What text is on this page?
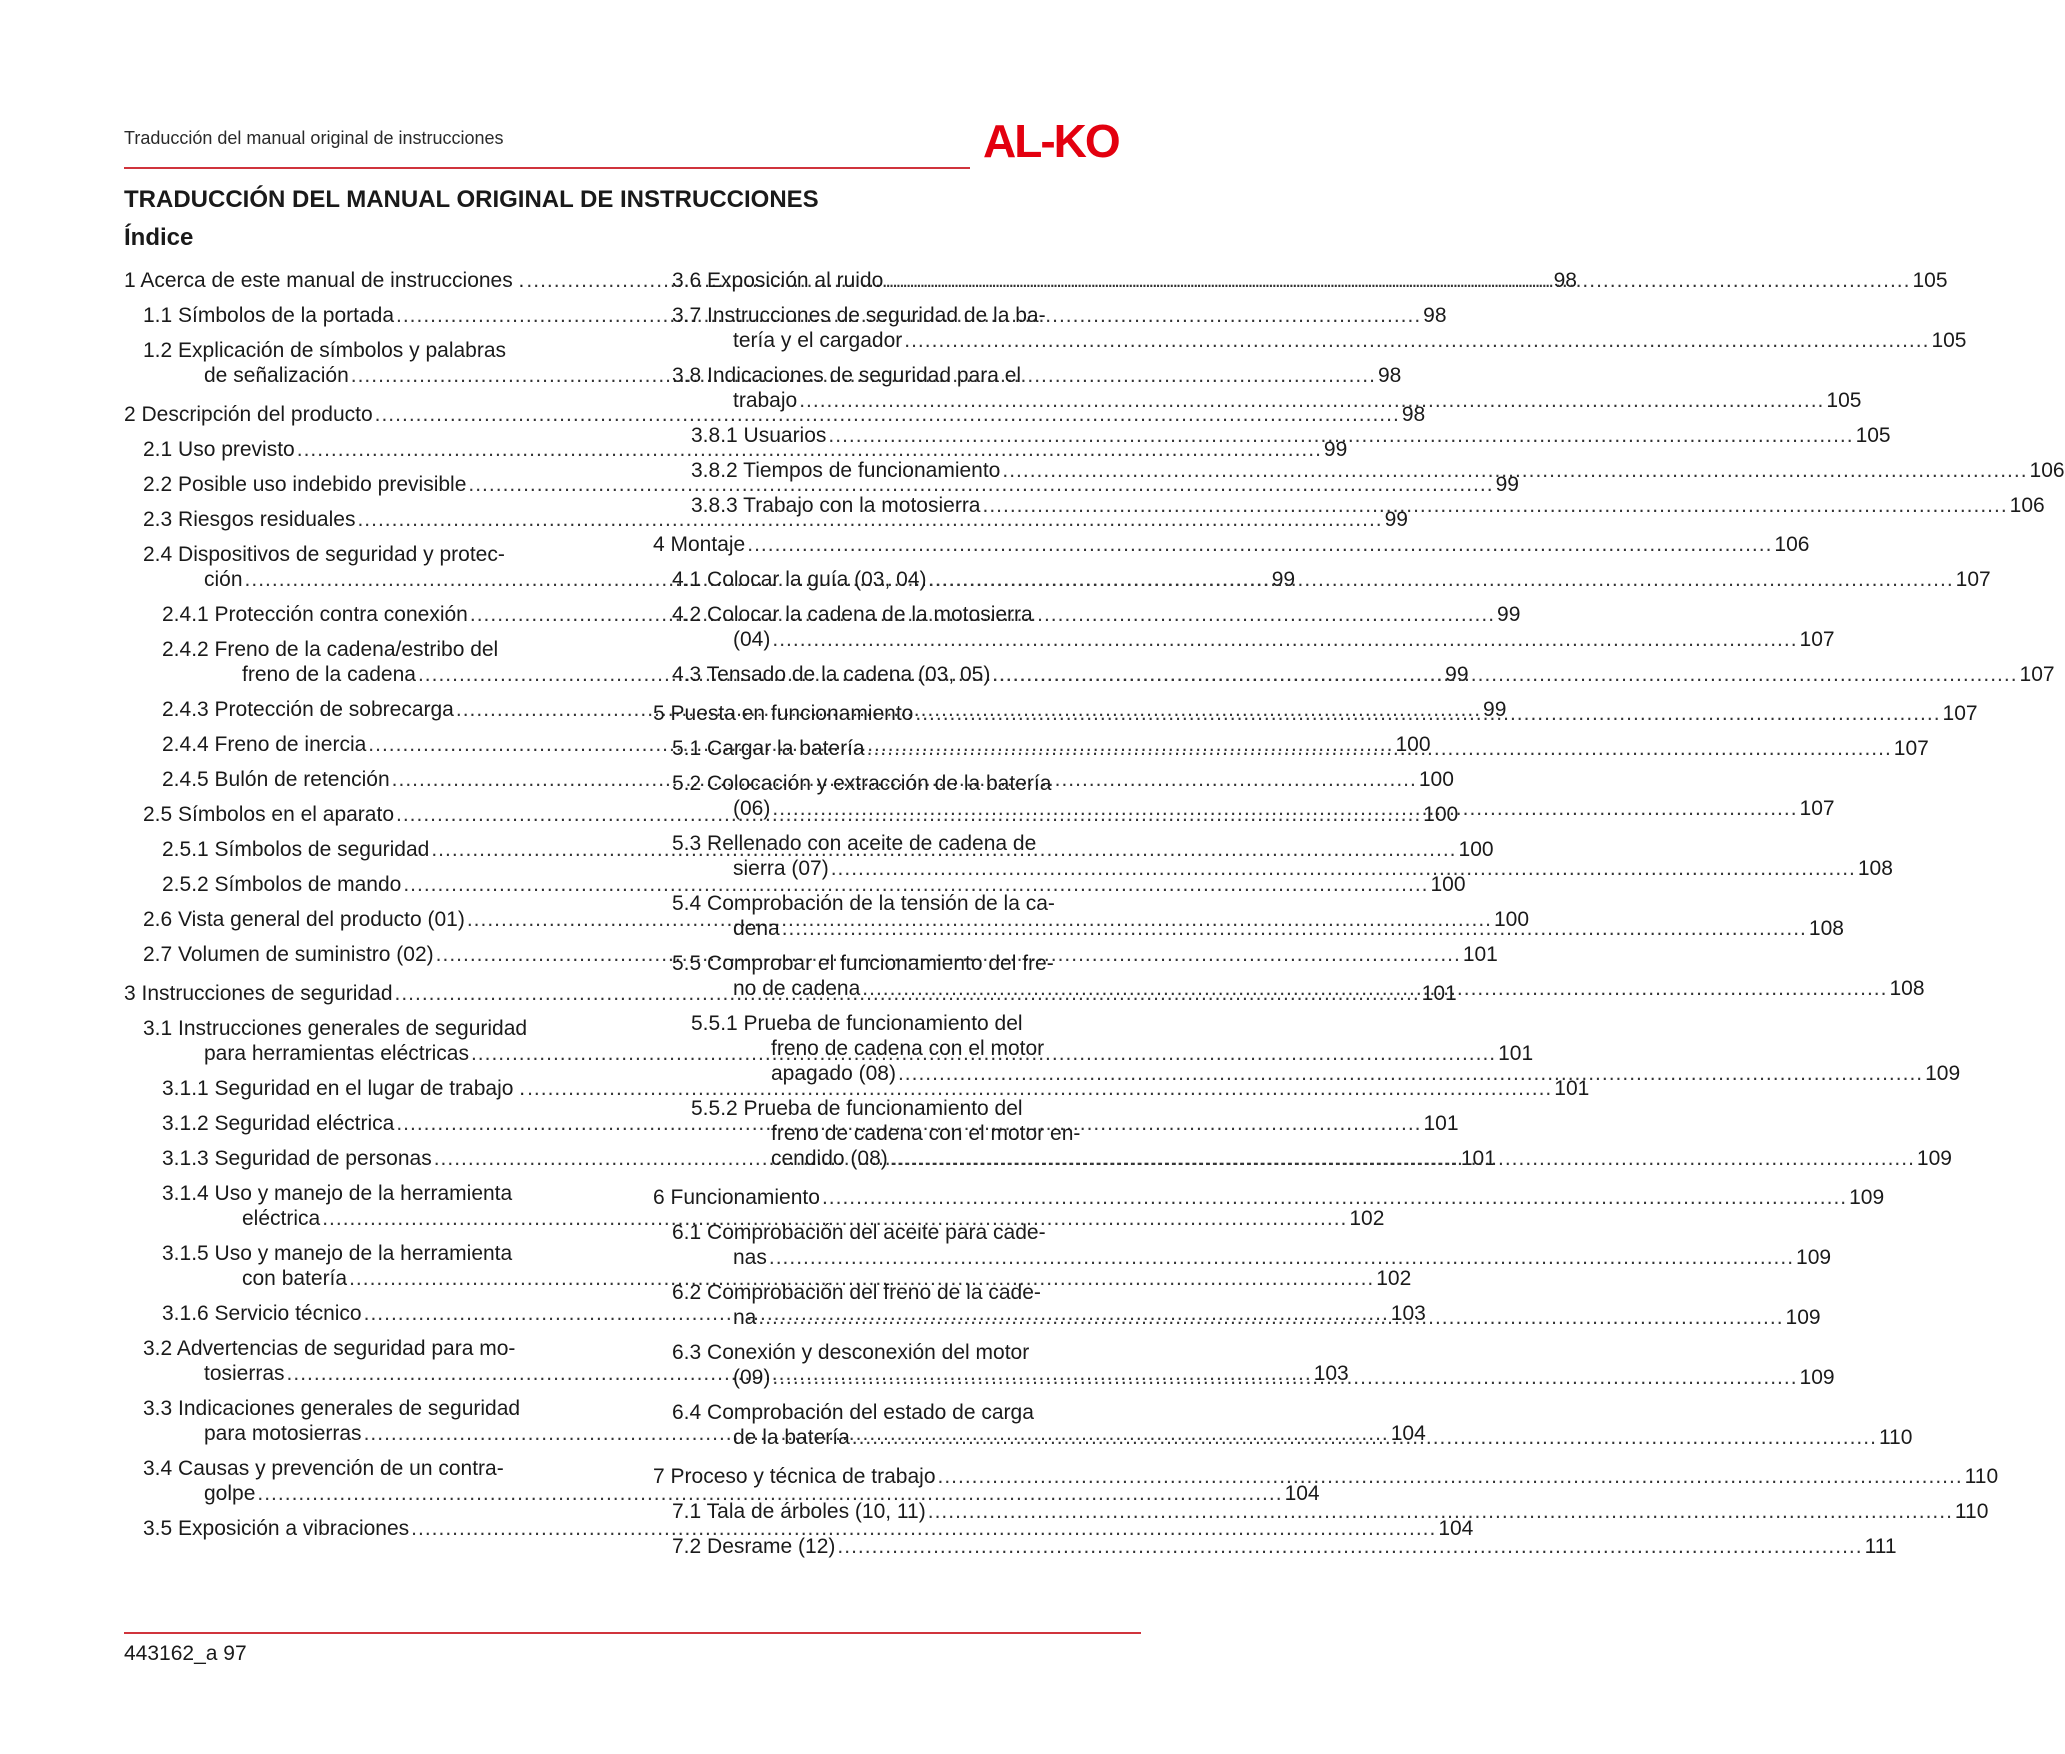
Traducción del manual original de instrucciones	AL-KO
TRADUCCIÓN DEL MANUAL ORIGINAL DE INSTRUCCIONES
Índice
1 Acerca de este manual de instrucciones . .....	98
1.1 Símbolos de la portada .....	98
1.2 Explicación de símbolos y palabras
de señalización .....	98
2 Descripción del producto .....	98
2.1 Uso previsto .....	99
2.2 Posible uso indebido previsible .....	99
2.3 Riesgos residuales .....	99
2.4 Dispositivos de seguridad y protec-
ción .....	99
2.4.1 Protección contra conexión .....	99
2.4.2 Freno de la cadena/estribo del
freno de la cadena .....	99
2.4.3 Protección de sobrecarga .....	99
2.4.4 Freno de inercia .....	100
2.4.5 Bulón de retención .....	100
2.5 Símbolos en el aparato .....	100
2.5.1 Símbolos de seguridad .....	100
2.5.2 Símbolos de mando .....	100
2.6 Vista general del producto (01) .....	100
2.7 Volumen de suministro (02) .....	101
3 Instrucciones de seguridad .....	101
3.1 Instrucciones generales de seguridad
para herramientas eléctricas .....	101
3.1.1 Seguridad en el lugar de trabajo . .....	101
3.1.2 Seguridad eléctrica .....	101
3.1.3 Seguridad de personas .....	101
3.1.4 Uso y manejo de la herramienta
eléctrica .....	102
3.1.5 Uso y manejo de la herramienta
con batería .....	102
3.1.6 Servicio técnico .....	103
3.2 Advertencias de seguridad para mo-
tosierras .....	103
3.3 Indicaciones generales de seguridad
para motosierras .....	104
3.4 Causas y prevención de un contra-
golpe .....	104
3.5 Exposición a vibraciones .....	104
3.6 Exposición al ruido .....	105
3.7 Instrucciones de seguridad de la ba-
tería y el cargador .....	105
3.8 Indicaciones de seguridad para el
trabajo .....	105
3.8.1 Usuarios .....	105
3.8.2 Tiempos de funcionamiento .....	106
3.8.3 Trabajo con la motosierra .....	106
4 Montaje .....	106
4.1 Colocar la guía (03, 04) .....	107
4.2 Colocar la cadena de la motosierra
(04) .....	107
4.3 Tensado de la cadena (03, 05) .....	107
5 Puesta en funcionamiento .....	107
5.1 Cargar la batería .....	107
5.2 Colocación y extracción de la batería
(06) .....	107
5.3 Rellenado con aceite de cadena de
sierra (07) .....	108
5.4 Comprobación de la tensión de la ca-
dena .....	108
5.5 Comprobar el funcionamiento del fre-
no de cadena .....	108
5.5.1 Prueba de funcionamiento del
freno de cadena con el motor
apagado (08) .....	109
5.5.2 Prueba de funcionamiento del
freno de cadena con el motor en-
cendido (08) .....	109
6 Funcionamiento .....	109
6.1 Comprobación del aceite para cade-
nas .....	109
6.2 Comprobación del freno de la cade-
na .....	109
6.3 Conexión y desconexión del motor
(09) .....	109
6.4 Comprobación del estado de carga
de la batería .....	110
7 Proceso y técnica de trabajo .....	110
7.1 Tala de árboles (10, 11) .....	110
7.2 Desrame (12) .....	111
443162_a 97
